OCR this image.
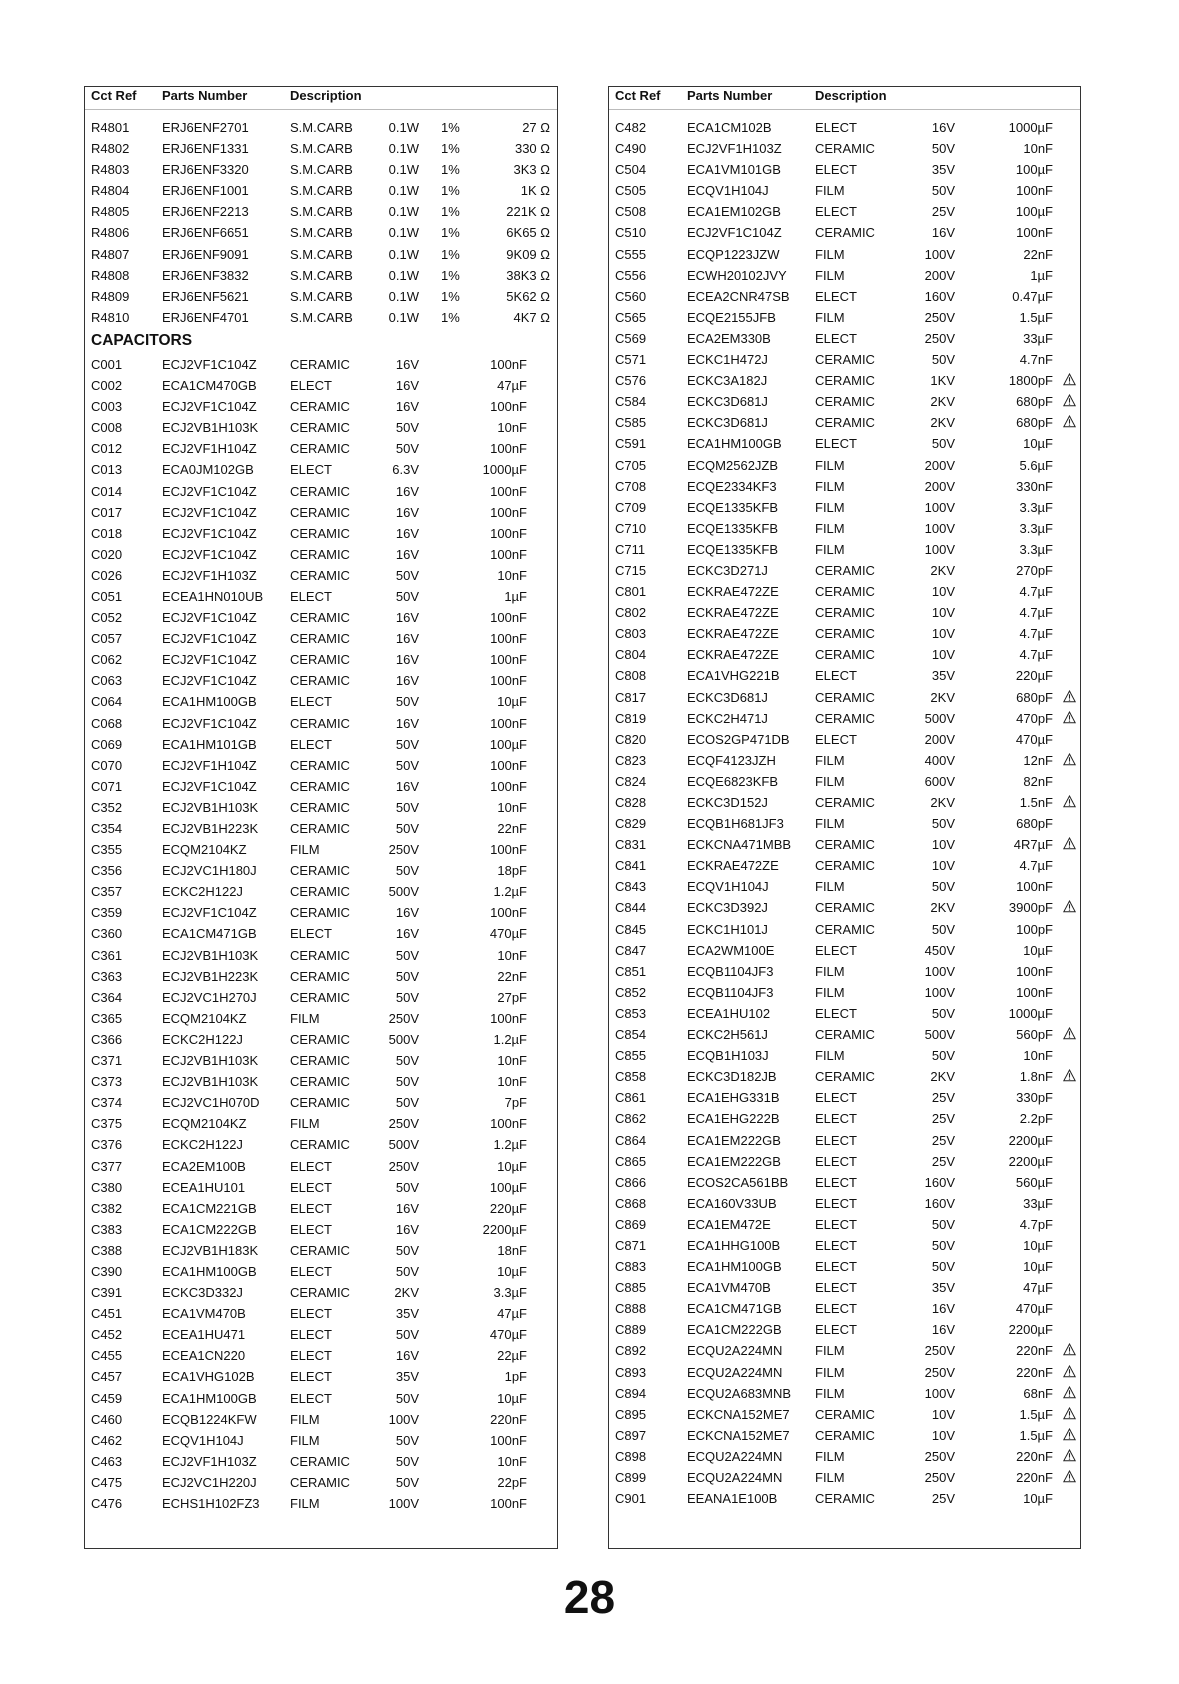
Cct Ref Parts Number	Description
R4801	ERJ6ENF2701	S.M.CARB	0.1W 1%	27 Ω
R4802	ERJ6ENF1331	S.M.CARB	0.1W 1%	330 Ω
R4803	ERJ6ENF3320	S.M.CARB	0.1W 1%	3K3 Ω
R4804	ERJ6ENF1001	S.M.CARB	0.1W 1%	1K Ω
R4805	ERJ6ENF2213	S.M.CARB	0.1W 1%	221K Ω
R4806	ERJ6ENF6651	S.M.CARB	0.1W 1%	6K65 Ω
R4807	ERJ6ENF9091	S.M.CARB	0.1W 1%	9K09 Ω
R4808	ERJ6ENF3832	S.M.CARB	0.1W 1%	38K3 Ω
R4809	ERJ6ENF5621	S.M.CARB	0.1W 1%	5K62 Ω
R4810	ERJ6ENF4701	S.M.CARB	0.1W 1%	4K7 Ω
CAPACITORS
C001	ECJ2VF1C104Z	CERAMIC	16V	100nF
C002	ECA1CM470GB	ELECT	16V	47µF
C003	ECJ2VF1C104Z	CERAMIC	16V	100nF
C008	ECJ2VB1H103K CERAMIC	50V	10nF
C012	ECJ2VF1H104Z	CERAMIC	50V	100nF
C013	ECA0JM102GB	ELECT	6.3V	1000µF
C014	ECJ2VF1C104Z	CERAMIC	16V	100nF
C017	ECJ2VF1C104Z	CERAMIC	16V	100nF
C018	ECJ2VF1C104Z	CERAMIC	16V	100nF
C020	ECJ2VF1C104Z	CERAMIC	16V	100nF
C026	ECJ2VF1H103Z	CERAMIC	50V	10nF
C051	ECEA1HN010UB ELECT	50V	1µF
C052	ECJ2VF1C104Z	CERAMIC	16V	100nF
C057	ECJ2VF1C104Z	CERAMIC	16V	100nF
C062	ECJ2VF1C104Z	CERAMIC	16V	100nF
C063	ECJ2VF1C104Z	CERAMIC	16V	100nF
C064	ECA1HM100GB	ELECT	50V	10µF
C068	ECJ2VF1C104Z	CERAMIC	16V	100nF
C069	ECA1HM101GB	ELECT	50V	100µF
C070	ECJ2VF1H104Z	CERAMIC	50V	100nF
C071	ECJ2VF1C104Z	CERAMIC	16V	100nF
C352	ECJ2VB1H103K CERAMIC	50V	10nF
C354	ECJ2VB1H223K CERAMIC	50V	22nF
C355	ECQM2104KZ	FILM	250V	100nF
C356	ECJ2VC1H180J	CERAMIC	50V	18pF
C357	ECKC2H122J	CERAMIC	500V	1.2µF
C359	ECJ2VF1C104Z	CERAMIC	16V	100nF
C360	ECA1CM471GB	ELECT	16V	470µF
C361	ECJ2VB1H103K CERAMIC	50V	10nF
C363	ECJ2VB1H223K CERAMIC	50V	22nF
C364	ECJ2VC1H270J	CERAMIC	50V	27pF
C365	ECQM2104KZ	FILM	250V	100nF
C366	ECKC2H122J	CERAMIC	500V	1.2µF
C371	ECJ2VB1H103K CERAMIC	50V	10nF
C373	ECJ2VB1H103K CERAMIC	50V	10nF
C374	ECJ2VC1H070D CERAMIC	50V	7pF
C375	ECQM2104KZ	FILM	250V	100nF
C376	ECKC2H122J	CERAMIC	500V	1.2µF
C377	ECA2EM100B	ELECT	250V	10µF
C380	ECEA1HU101	ELECT	50V	100µF
C382	ECA1CM221GB	ELECT	16V	220µF
C383	ECA1CM222GB	ELECT	16V	2200µF
C388	ECJ2VB1H183K CERAMIC	50V	18nF
C390	ECA1HM100GB	ELECT	50V	10µF
C391	ECKC3D332J	CERAMIC	2KV	3.3µF
C451	ECA1VM470B	ELECT	35V	47µF
C452	ECEA1HU471	ELECT	50V	470µF
C455	ECEA1CN220	ELECT	16V	22µF
C457	ECA1VHG102B	ELECT	35V	1pF
C459	ECA1HM100GB	ELECT	50V	10µF
C460	ECQB1224KFW	FILM	100V	220nF
C462	ECQV1H104J	FILM	50V	100nF
C463	ECJ2VF1H103Z	CERAMIC	50V	10nF
C475	ECJ2VC1H220J	CERAMIC	50V	22pF
C476	ECHS1H102FZ3 FILM	100V	100nF
Cct Ref Parts Number	Description
C482	ECA1CM102B	ELECT	16V	1000µF
C490	ECJ2VF1H103Z	CERAMIC	50V	10nF
C504	ECA1VM101GB	ELECT	35V	100µF
C505	ECQV1H104J	FILM	50V	100nF
C508	ECA1EM102GB	ELECT	25V	100µF
C510	ECJ2VF1C104Z	CERAMIC	16V	100nF
C555	ECQP1223JZW	FILM	100V	22nF
C556	ECWH20102JVY FILM	200V	1µF
C560	ECEA2CNR47SB ELECT	160V	0.47µF
C565	ECQE2155JFB	FILM	250V	1.5µF
C569	ECA2EM330B	ELECT	250V	33µF
C571	ECKC1H472J	CERAMIC	50V	4.7nF
C576	ECKC3A182J	CERAMIC	1KV	1800pF
C584	ECKC3D681J	CERAMIC	2KV	680pF
C585	ECKC3D681J	CERAMIC	2KV	680pF
C591	ECA1HM100GB	ELECT	50V	10µF
C705	ECQM2562JZB	FILM	200V	5.6µF
C708	ECQE2334KF3	FILM	200V	330nF
C709	ECQE1335KFB	FILM	100V	3.3µF
C710	ECQE1335KFB	FILM	100V	3.3µF
C711	ECQE1335KFB	FILM	100V	3.3µF
C715	ECKC3D271J	CERAMIC	2KV	270pF
C801	ECKRAE472ZE	CERAMIC	10V	4.7µF
C802	ECKRAE472ZE	CERAMIC	10V	4.7µF
C803	ECKRAE472ZE	CERAMIC	10V	4.7µF
C804	ECKRAE472ZE	CERAMIC	10V	4.7µF
C808	ECA1VHG221B	ELECT	35V	220µF
C817	ECKC3D681J	CERAMIC	2KV	680pF
C819	ECKC2H471J	CERAMIC	500V	470pF
C820	ECOS2GP471DB ELECT	200V	470µF
C823	ECQF4123JZH	FILM	400V	12nF
C824	ECQE6823KFB	FILM	600V	82nF
C828	ECKC3D152J	CERAMIC	2KV	1.5nF
C829	ECQB1H681JF3 FILM	50V	680pF
C831	ECKCNA471MBB CERAMIC	10V	4R7µF
C841	ECKRAE472ZE	CERAMIC	10V	4.7µF
C843	ECQV1H104J	FILM	50V	100nF
C844	ECKC3D392J	CERAMIC	2KV	3900pF
C845	ECKC1H101J	CERAMIC	50V	100pF
C847	ECA2WM100E	ELECT	450V	10µF
C851	ECQB1104JF3	FILM	100V	100nF
C852	ECQB1104JF3	FILM	100V	100nF
C853	ECEA1HU102	ELECT	50V	1000µF
C854	ECKC2H561J	CERAMIC	500V	560pF
C855	ECQB1H103J	FILM	50V	10nF
C858	ECKC3D182JB	CERAMIC	2KV	1.8nF
C861	ECA1EHG331B	ELECT	25V	330pF
C862	ECA1EHG222B	ELECT	25V	2.2pF
C864	ECA1EM222GB	ELECT	25V	2200µF
C865	ECA1EM222GB	ELECT	25V	2200µF
C866	ECOS2CA561BB ELECT	160V	560µF
C868	ECA160V33UB	ELECT	160V	33µF
C869	ECA1EM472E	ELECT	50V	4.7pF
C871	ECA1HHG100B	ELECT	50V	10µF
C883	ECA1HM100GB	ELECT	50V	10µF
C885	ECA1VM470B	ELECT	35V	47µF
C888	ECA1CM471GB	ELECT	16V	470µF
C889	ECA1CM222GB	ELECT	16V	2200µF
C892	ECQU2A224MN	FILM	250V	220nF
C893	ECQU2A224MN	FILM	250V	220nF
C894	ECQU2A683MNB FILM	100V	68nF
C895	ECKCNA152ME7 CERAMIC	10V	1.5µF
C897	ECKCNA152ME7 CERAMIC	10V	1.5µF
C898	ECQU2A224MN	FILM	250V	220nF
C899	ECQU2A224MN	FILM	250V	220nF
C901	EEANA1E100B	CERAMIC	25V	10µF
28
